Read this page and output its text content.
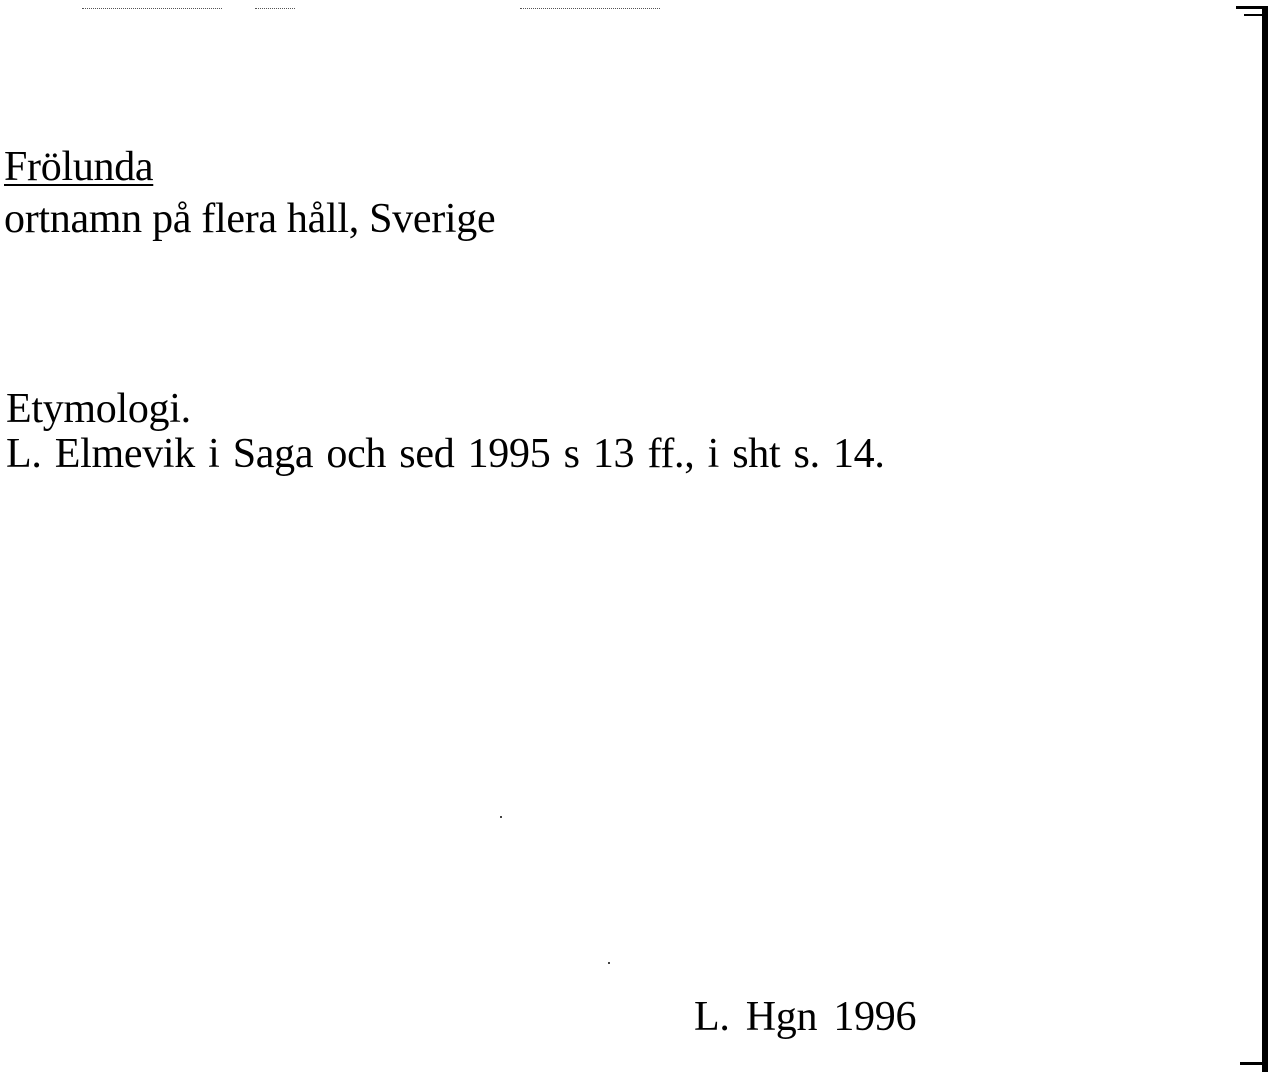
Frölunda
ortnamn på flera håll, Sverige
Etymologi.
L. Elmevik i Saga och sed 1995 s 13 ff., i sht s. 14.
L. Hgn 1996
